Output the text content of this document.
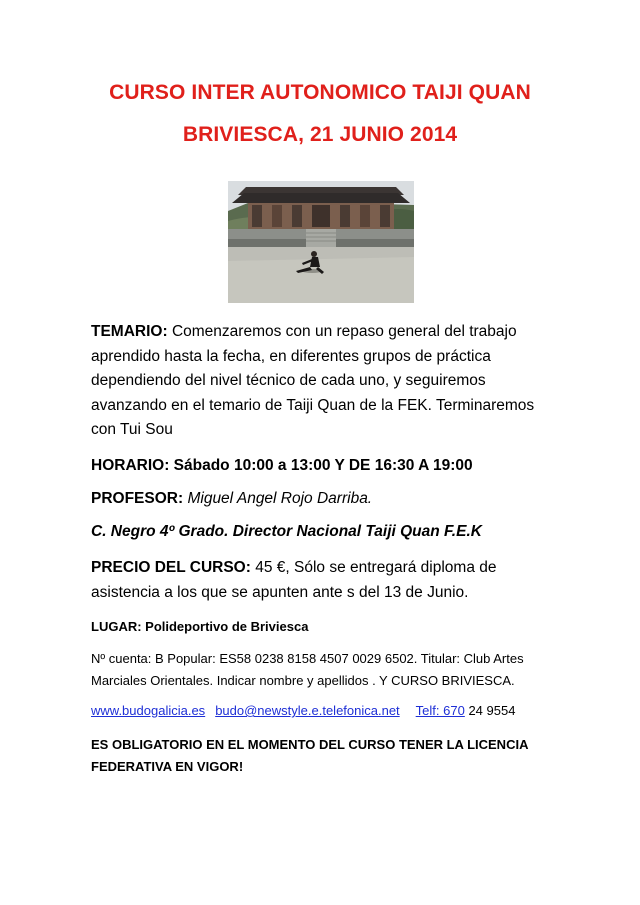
CURSO INTER AUTONOMICO TAIJI QUAN
BRIVIESCA, 21 JUNIO 2014
TEMARIO: Comenzaremos con un repaso general del trabajo aprendido hasta la fecha, en diferentes grupos de práctica dependiendo del nivel técnico de cada uno, y seguiremos avanzando en el temario de Taiji Quan de la FEK. Terminaremos con Tui Sou
HORARIO: Sábado 10:00 a 13:00 Y DE 16:30 A 19:00
PROFESOR: Miguel Angel Rojo Darriba.
C. Negro 4º Grado. Director Nacional Taiji Quan F.E.K
PRECIO DEL CURSO: 45 €, Sólo se entregará diploma de asistencia a los que se apunten ante s del 13 de Junio.
LUGAR: Polideportivo de Briviesca
Nº cuenta: B Popular: ES58 0238 8158 4507 0029 6502. Titular: Club Artes Marciales Orientales. Indicar nombre y apellidos . Y CURSO BRIVIESCA.
www.budogalicia.es budo@newstyle.e.telefonica.net Telf: 670 24 9554
ES OBLIGATORIO EN EL MOMENTO DEL CURSO TENER LA LICENCIA FEDERATIVA EN VIGOR!
